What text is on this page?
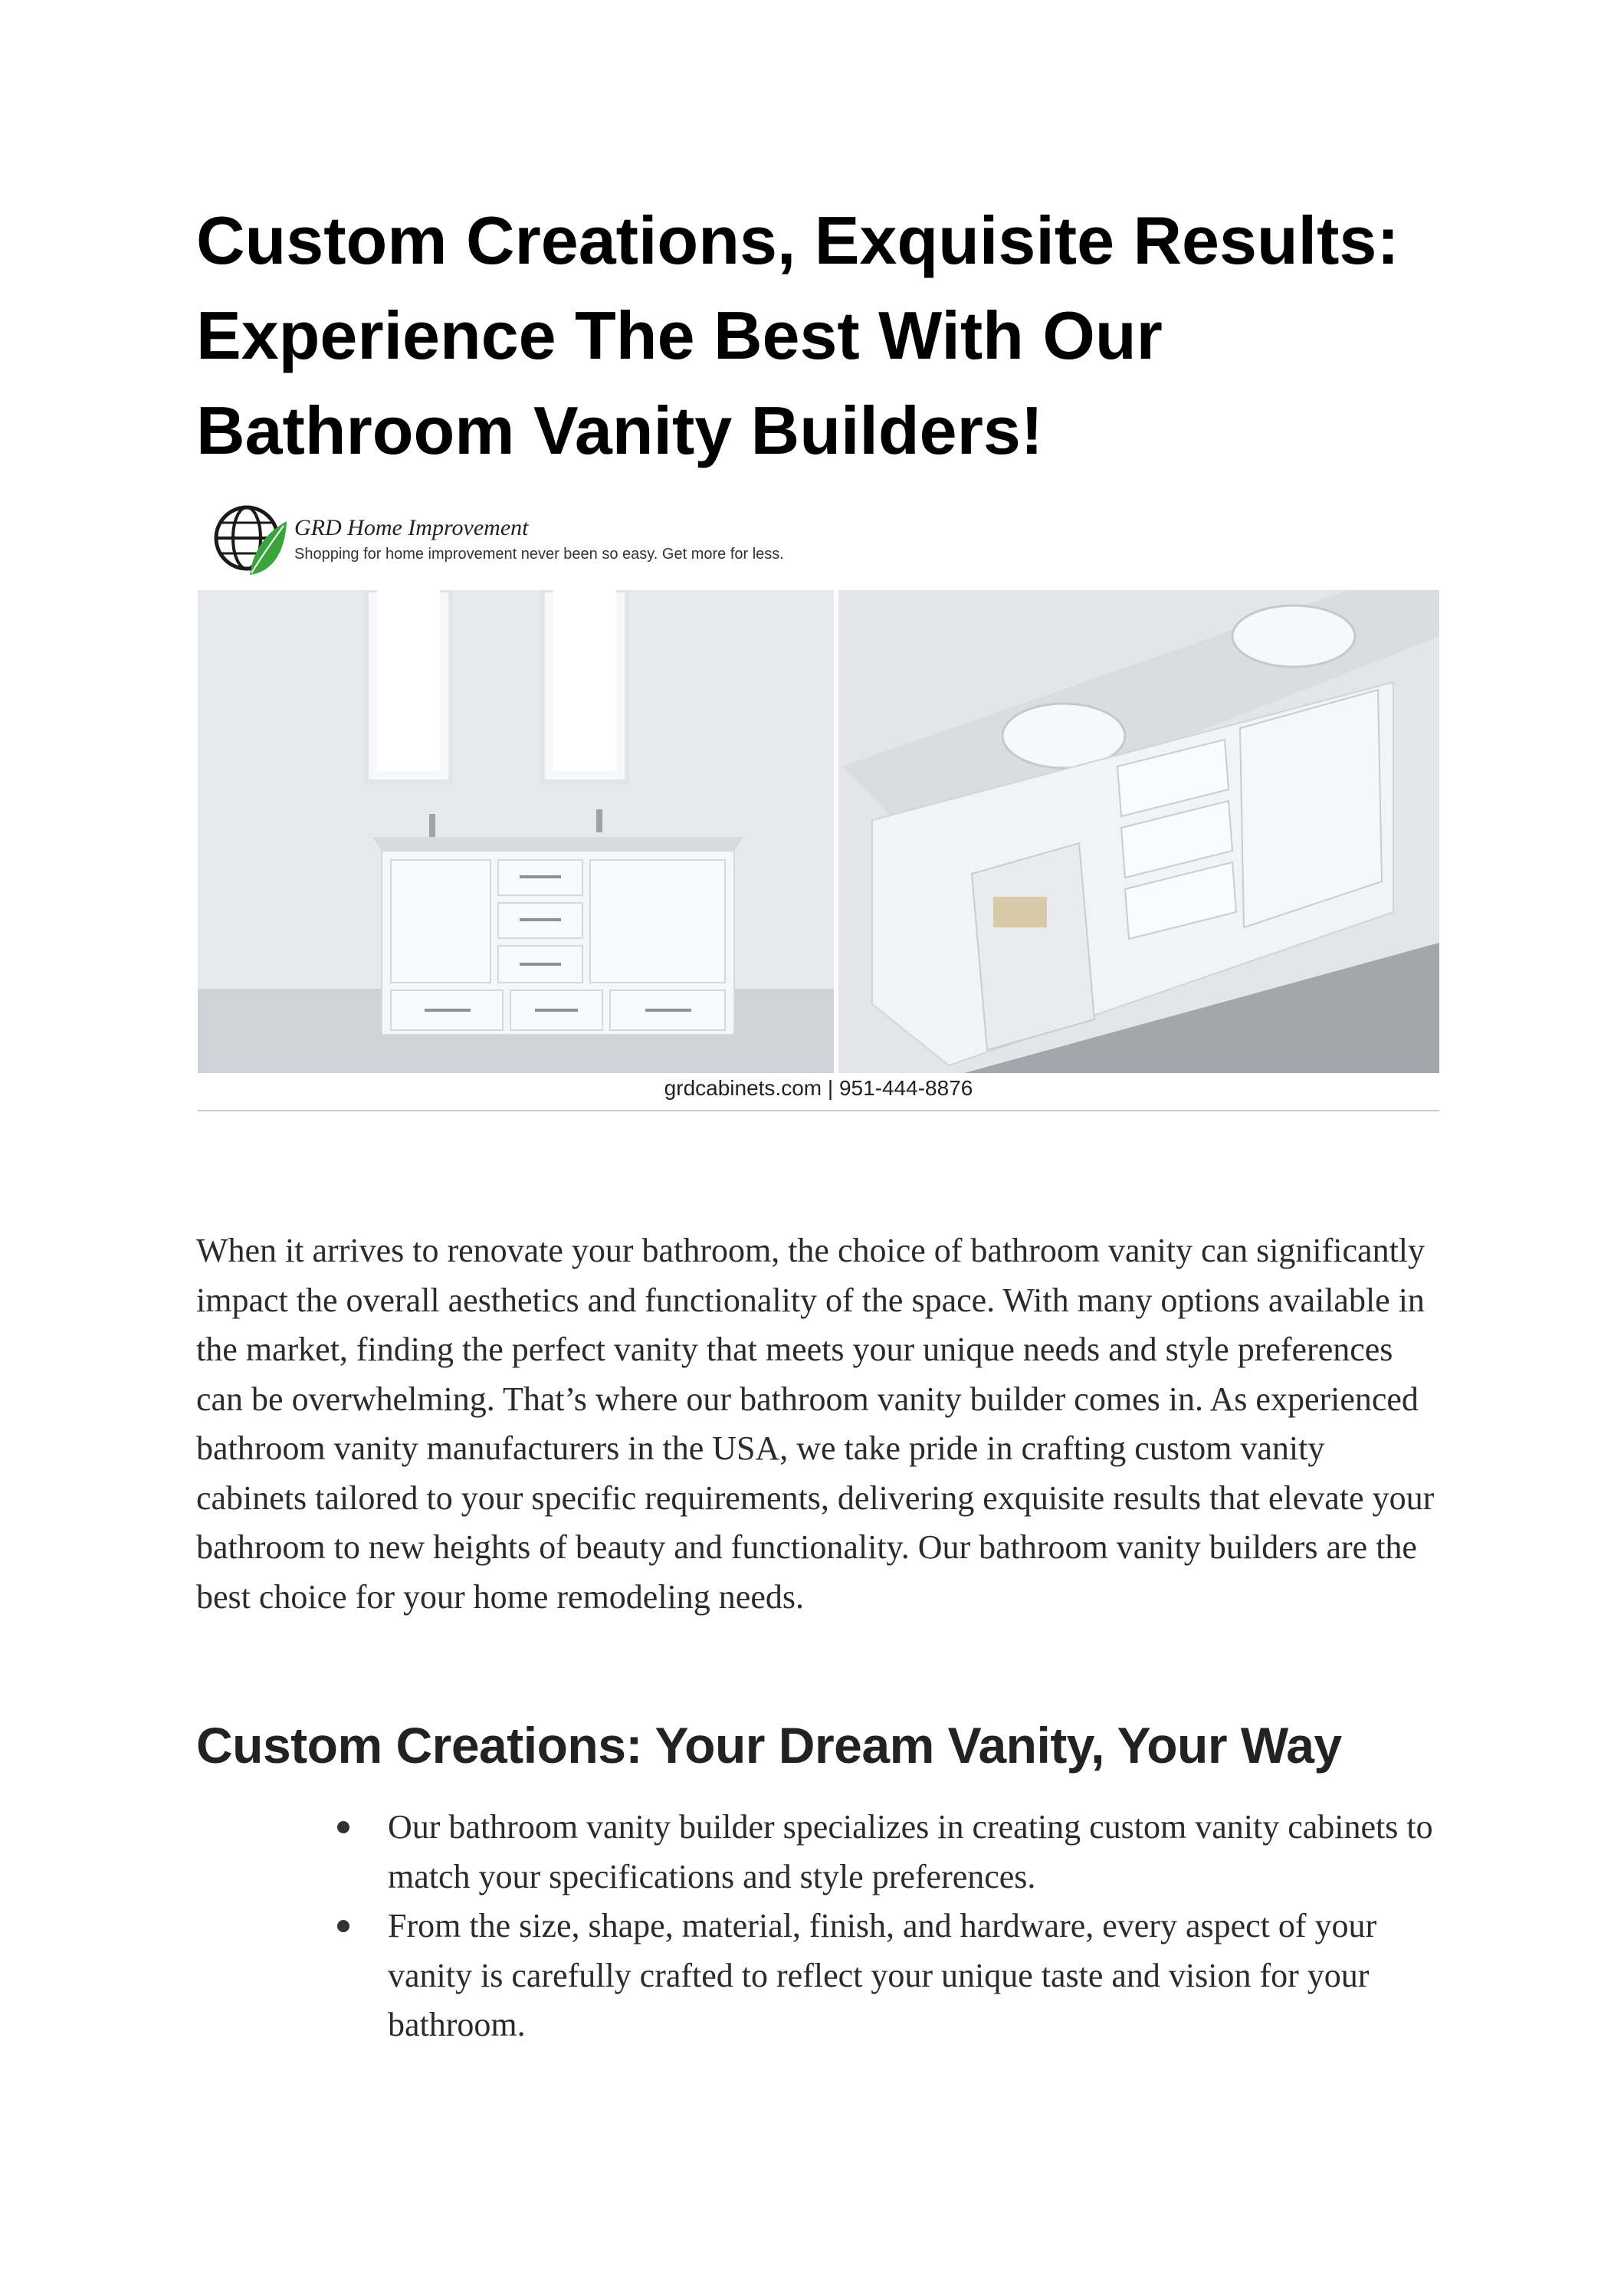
Custom Creations, Exquisite Results: Experience The Best With Our Bathroom Vanity Builders!
GRD Home Improvement
Shopping for home improvement never been so easy. Get more for less.
grdcabinets.com | 951-444-8876

When it arrives to renovate your bathroom, the choice of bathroom vanity can significantly impact the overall aesthetics and functionality of the space. With many options available in the market, finding the perfect vanity that meets your unique needs and style preferences can be overwhelming. That’s where our bathroom vanity builder comes in. As experienced bathroom vanity manufacturers in the USA, we take pride in crafting custom vanity cabinets tailored to your specific requirements, delivering exquisite results that elevate your bathroom to new heights of beauty and functionality. Our bathroom vanity builders are the best choice for your home remodeling needs.

Custom Creations: Your Dream Vanity, Your Way
Our bathroom vanity builder specializes in creating custom vanity cabinets to match your specifications and style preferences.
From the size, shape, material, finish, and hardware, every aspect of your vanity is carefully crafted to reflect your unique taste and vision for your bathroom.
